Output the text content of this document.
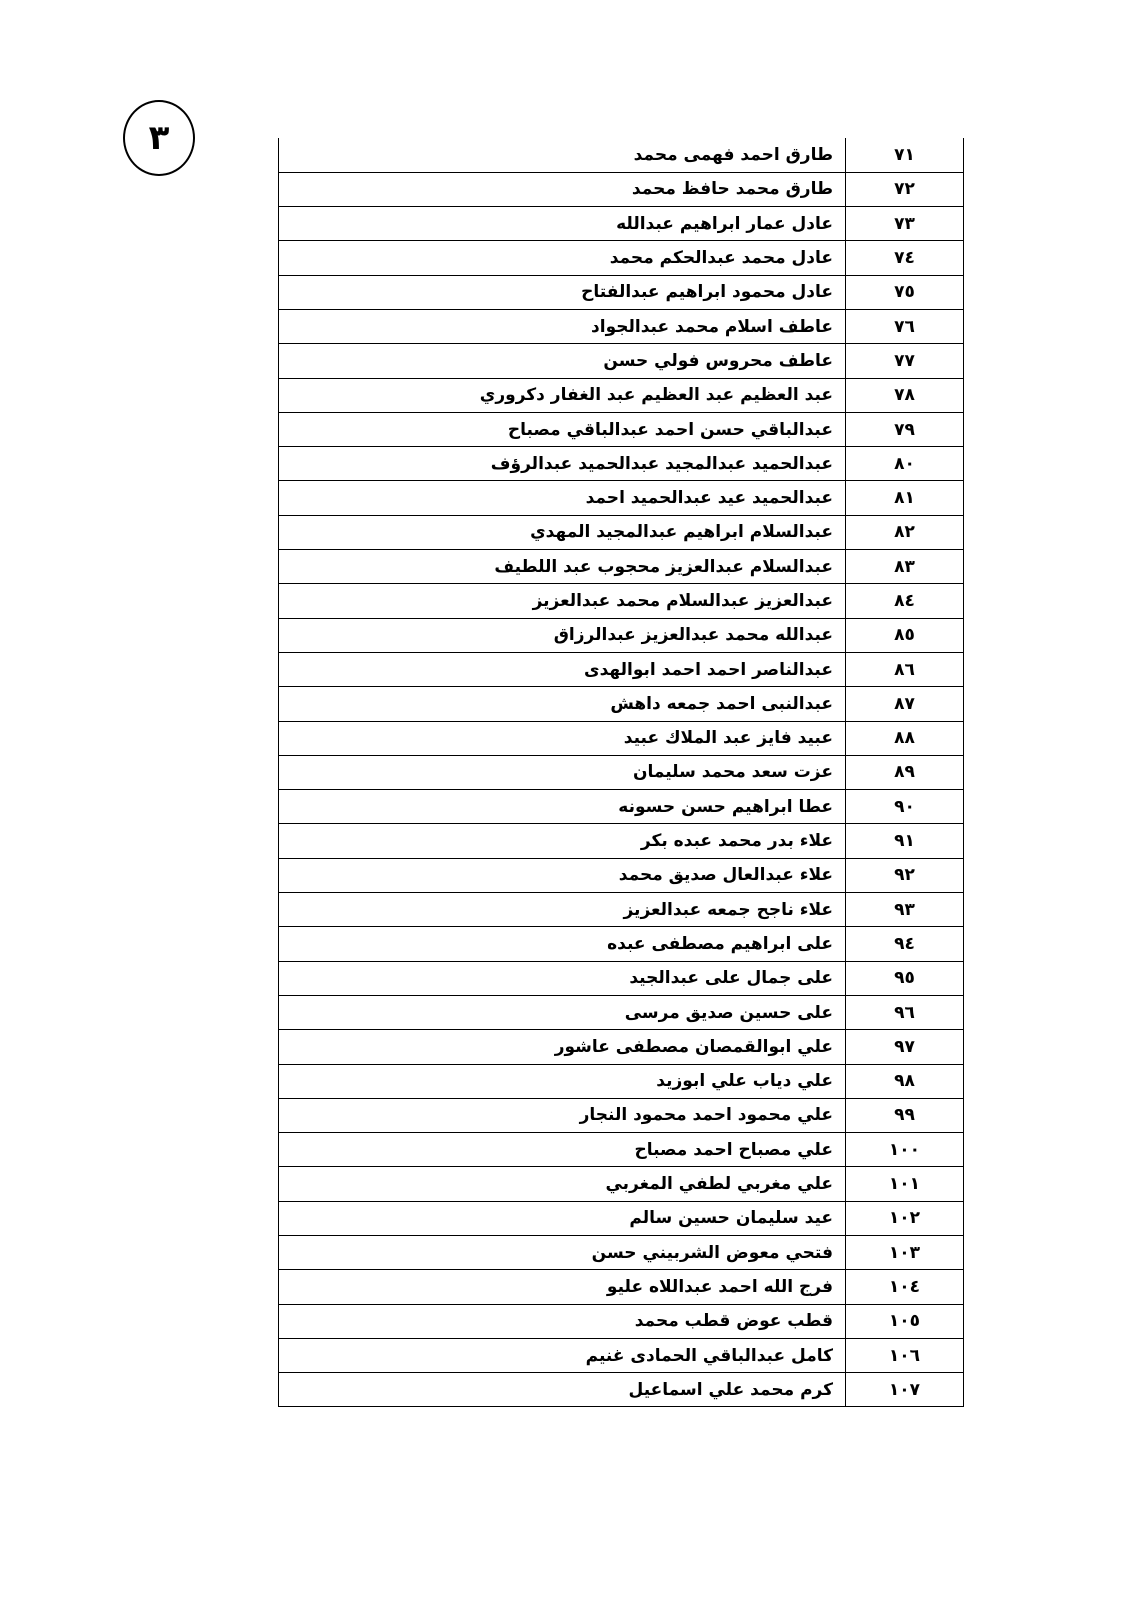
٣	٧١	طارق احمد فهمى محمد
٧٢	طارق محمد حافظ محمد
٧٣	عادل عمار ابراهيم عبدالله
٧٤	عادل محمد عبدالحكم محمد
٧٥	عادل محمود ابراهيم عبدالفتاح
٧٦	عاطف اسلام محمد عبدالجواد
٧٧	عاطف محروس فولي حسن
٧٨	عبد العظيم عبد العظيم عبد الغفار دكروري
٧٩	عبدالباقي حسن احمد عبدالباقي مصباح
٨٠	عبدالحميد عبدالمجيد عبدالحميد عبدالرؤف
٨١	عبدالحميد عيد عبدالحميد احمد
٨٢	عبدالسلام ابراهيم عبدالمجيد المهدي
٨٣	عبدالسلام عبدالعزيز محجوب عبد اللطيف
٨٤	عبدالعزيز عبدالسلام محمد عبدالعزيز
٨٥	عبدالله محمد عبدالعزيز عبدالرزاق
٨٦	عبدالناصر احمد احمد ابوالهدى
٨٧	عبدالنبى احمد جمعه داهش
٨٨	عبيد فايز عبد الملاك عبيد
٨٩	عزت سعد محمد سليمان
٩٠	عطا ابراهيم حسن حسونه
٩١	علاء بدر محمد عبده بكر
٩٢	علاء عبدالعال صديق محمد
٩٣	علاء ناجح جمعه عبدالعزيز
٩٤	على ابراهيم مصطفى عبده
٩٥	على جمال على عبدالجيد
٩٦	على حسين صديق مرسى
٩٧	علي ابوالقمصان مصطفى عاشور
٩٨	علي دياب علي ابوزيد
٩٩	علي محمود احمد محمود النجار
١٠٠	علي مصباح احمد مصباح
١٠١	علي مغربي لطفي المغربي
١٠٢	عيد سليمان حسين سالم
١٠٣	فتحي معوض الشربيني حسن
١٠٤	فرج الله احمد عبداللاه عليو
١٠٥	قطب عوض قطب محمد
١٠٦	كامل عبدالباقي الحمادى غنيم
١٠٧	كرم محمد علي اسماعيل
